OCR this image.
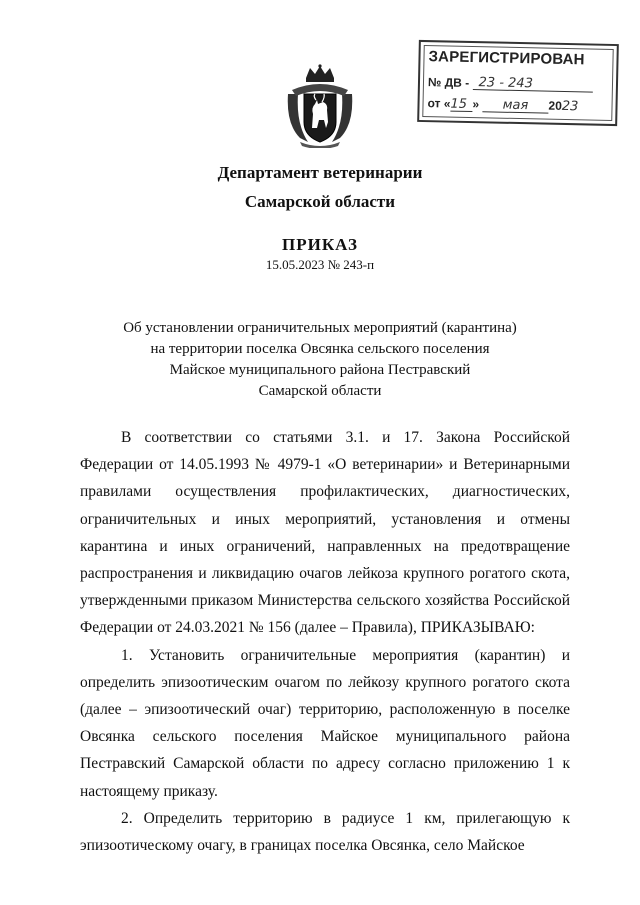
ЗАРЕГИСТРИРОВАН
№ ДВ - 23 - 243
от «15 » мая 2023
Департамент ветеринарии
Самарской области
ПРИКАЗ
15.05.2023 № 243-п
Об установлении ограничительных мероприятий (карантина)
на территории поселка Овсянка сельского поселения
Майское муниципального района Пестравский
Самарской области

В соответствии со статьями 3.1. и 17. Закона Российской Федерации от 14.05.1993 № 4979-1 «О ветеринарии» и Ветеринарными правилами осуществления профилактических, диагностических, ограничительных и иных мероприятий, установления и отмены карантина и иных ограничений, направленных на предотвращение распространения и ликвидацию очагов лейкоза крупного рогатого скота, утвержденными приказом Министерства сельского хозяйства Российской Федерации от 24.03.2021 № 156 (далее – Правила), ПРИКАЗЫВАЮ:

1. Установить ограничительные мероприятия (карантин) и определить эпизоотическим очагом по лейкозу крупного рогатого скота (далее – эпизоотический очаг) территорию, расположенную в поселке Овсянка сельского поселения Майское муниципального района Пестравский Самарской области по адресу согласно приложению 1 к настоящему приказу.

2. Определить территорию в радиусе 1 км, прилегающую к эпизоотическому очагу, в границах поселка Овсянка, село Майское
